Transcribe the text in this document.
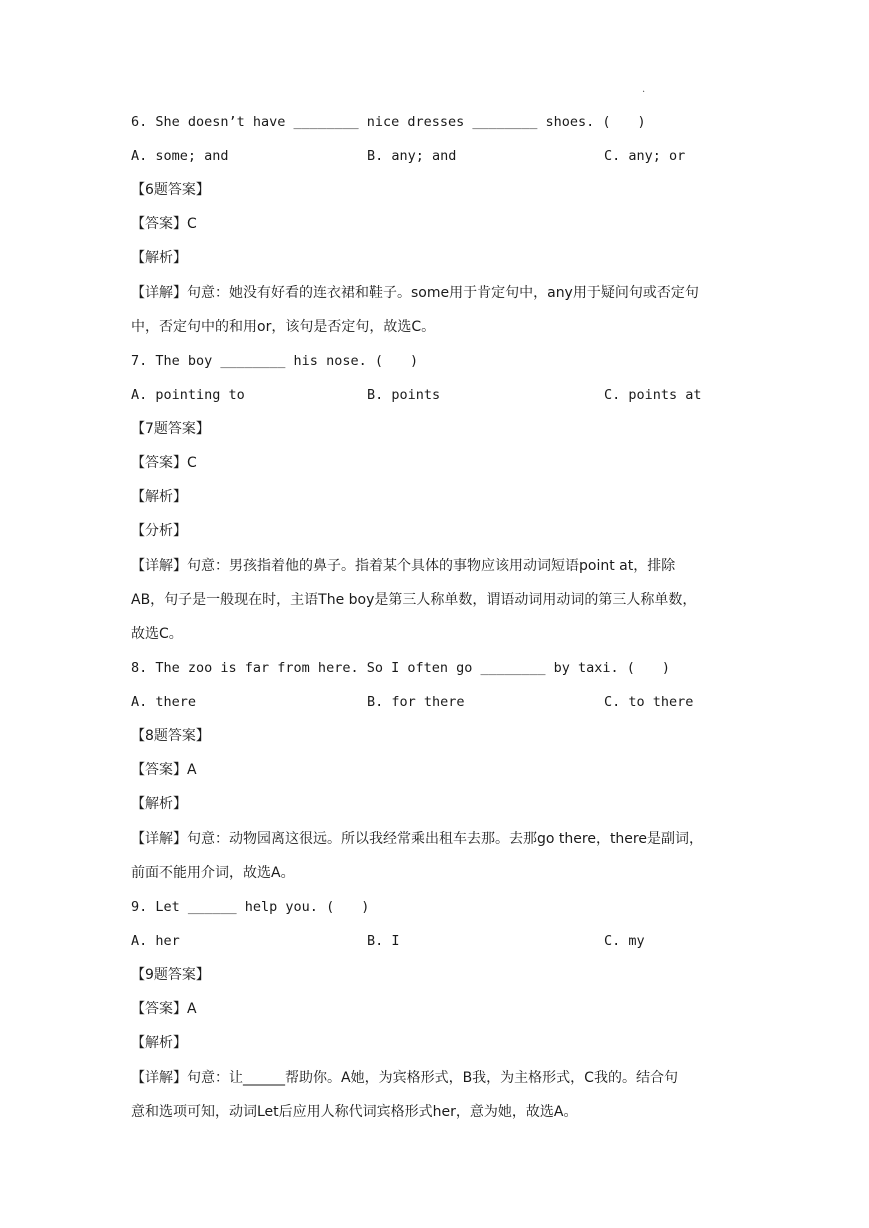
.
6. She doesn’t have ________ nice dresses ________ shoes. (　　)
A. some; and	B. any; and	C. any; or
【6题答案】
【答案】C
【解析】
【详解】句意：她没有好看的连衣裙和鞋子。some用于肯定句中，any用于疑问句或否定句
中，否定句中的和用or，该句是否定句，故选C。
7. The boy ________ his nose. (　　)
A. pointing to	B. points	C. points at
【7题答案】
【答案】C
【解析】
【分析】
【详解】句意：男孩指着他的鼻子。指着某个具体的事物应该用动词短语point at，排除
AB，句子是一般现在时，主语The boy是第三人称单数，谓语动词用动词的第三人称单数，
故选C。
8. The zoo is far from here. So I often go ________ by taxi. (　　)
A. there	B. for there	C. to there
【8题答案】
【答案】A
【解析】
【详解】句意：动物园离这很远。所以我经常乘出租车去那。去那go there，there是副词，
前面不能用介词，故选A。
9. Let ______ help you. (　　)
A. her	B. I	C. my
【9题答案】
【答案】A
【解析】
【详解】句意：让______帮助你。A她，为宾格形式，B我，为主格形式，C我的。结合句
意和选项可知，动词Let后应用人称代词宾格形式her，意为她，故选A。
